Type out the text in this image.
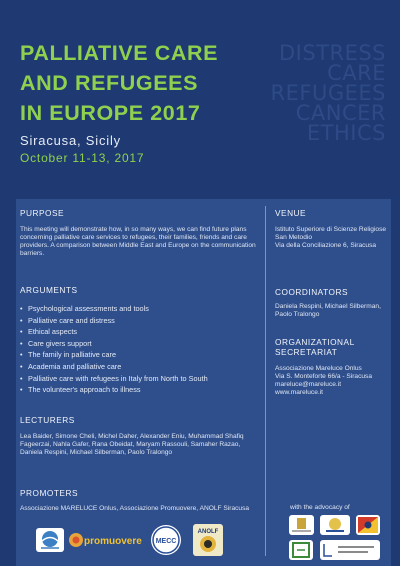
PALLIATIVE CARE
AND REFUGEES
IN EUROPE 2017
Siracusa, Sicily
October 11-13, 2017
DISTRESS
CARE
REFUGEES
CANCER
ETHICS
PURPOSE
This meeting will demonstrate how, in so many ways, we can find future plans concerning palliative care services to refugees, their families, friends and care providers. A comparison between Middle East and Europe on the communication barriers.
ARGUMENTS
• Psychological assessments and tools
• Palliative care and distress
• Ethical aspects
• Care givers support
• The family in palliative care
• Academia and palliative care
• Palliative care with refugees in Italy from North to South
• The volunteer's approach to illness
LECTURERS
Lea Baider, Simone Cheli, Michel Daher, Alexander Eniu, Muhammad Shafiq Fageerzai, Nahla Gafer, Rana Obeidat, Maryam Rassouli, Samaher Razao, Daniela Respini, Michael Silberman, Paolo Tralongo
PROMOTERS
Associazione MARELUCE Onlus, Associazione Promuovere, ANOLF Siracusa
promuovere MECC
ANOLF
VENUE
Istituto Superiore di Scienze Religiose
San Metodio
Via della Conciliazione 6, Siracusa
COORDINATORS
Daniela Respini, Michael Silberman, Paolo Tralongo
ORGANIZATIONAL
SECRETARIAT
Associazione Mareluce Onlus
Via S. Monteforte 66/a - Siracusa
mareluce@mareluce.it
www.mareluce.it
with the advocacy of
